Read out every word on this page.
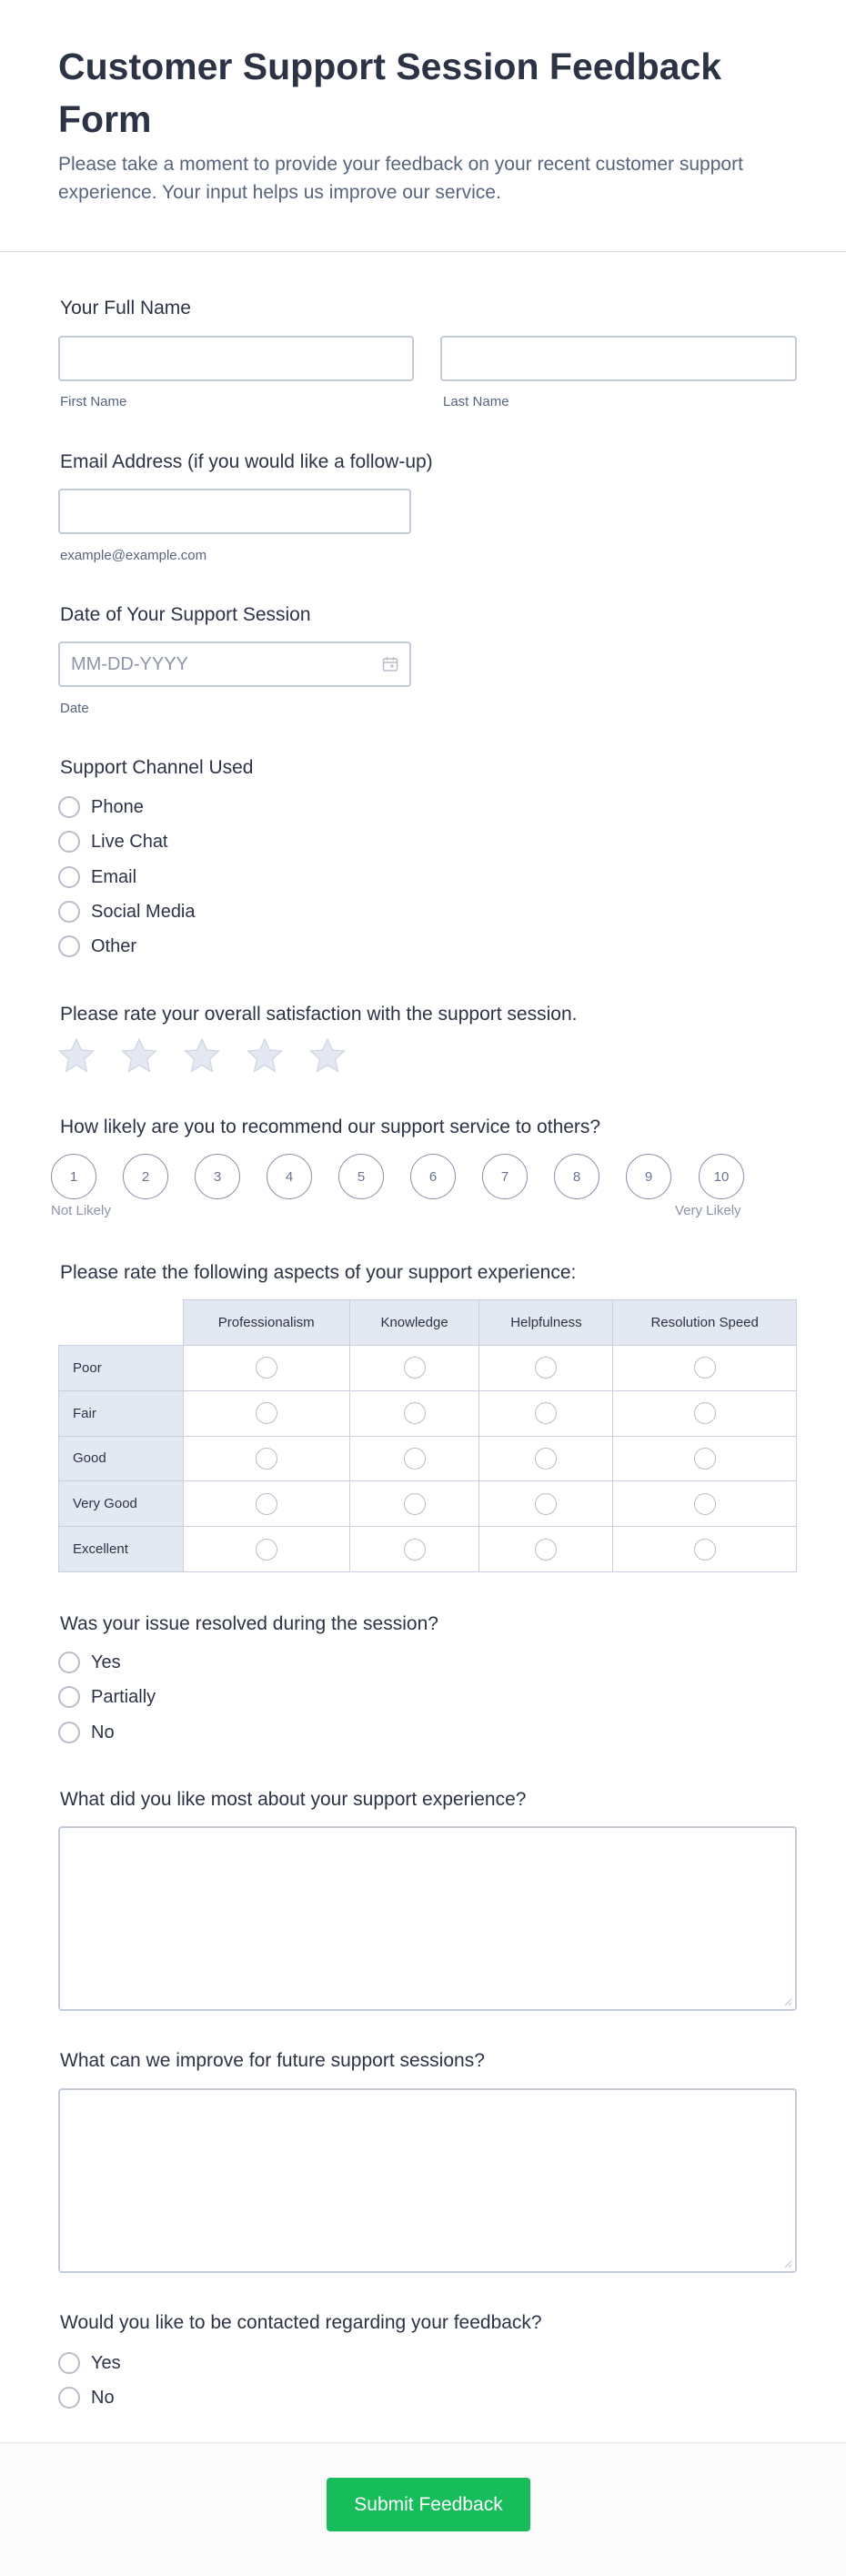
Customer Support Session Feedback Form

Please take a moment to provide your feedback on your recent customer support experience. Your input helps us improve our service.

Your Full Name
First Name	Last Name
Email Address (if you would like a follow-up)
example@example.com
Date of Your Support Session
MM-DD-YYYY
Date
Support Channel Used
Phone
Live Chat
Email
Social Media
Other
Please rate your overall satisfaction with the support session.
How likely are you to recommend our support service to others?
1	2	3	4	5	6	7	8	9	10
Not Likely	Very Likely
Please rate the following aspects of your support experience:
	Professionalism	Knowledge	Helpfulness	Resolution Speed
Poor				
Fair				
Good				
Very Good				
Excellent				
Was your issue resolved during the session?
Yes
Partially
No
What did you like most about your support experience?
What can we improve for future support sessions?
Would you like to be contacted regarding your feedback?
Yes
No
Submit Feedback
